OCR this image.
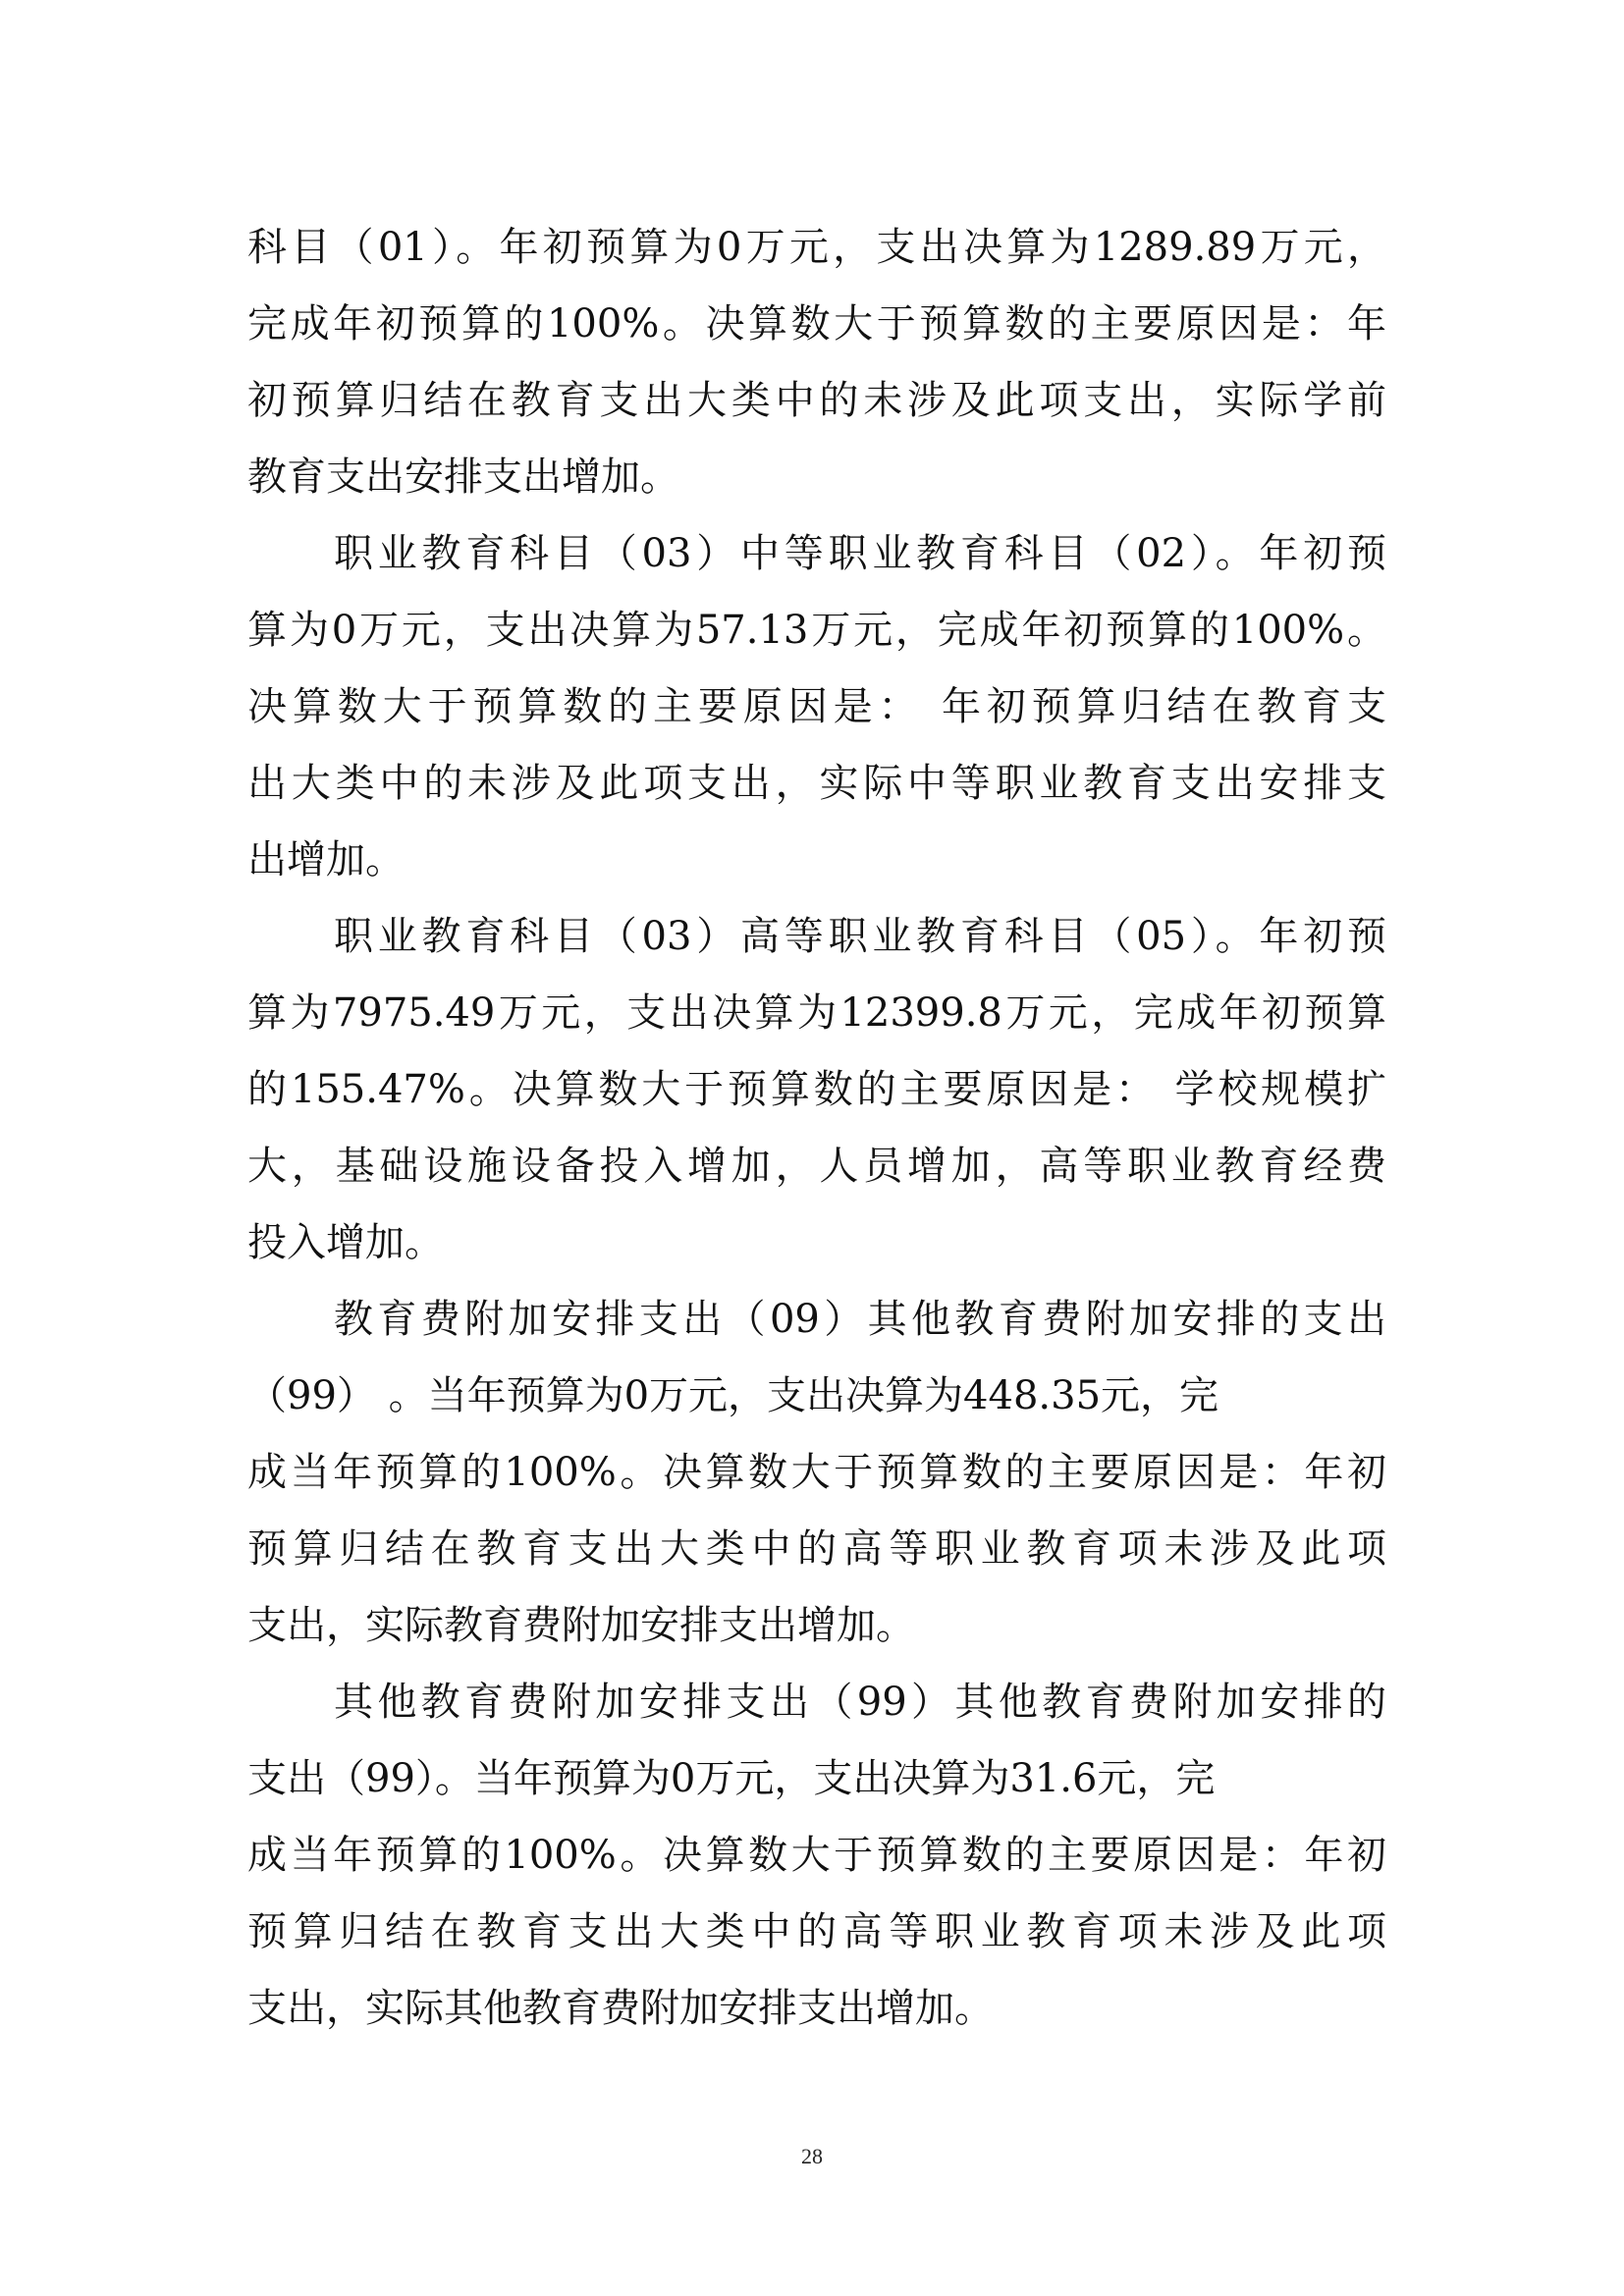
科目（01）。年初预算为0万元，支出决算为1289.89万元，
完成年初预算的100%。决算数大于预算数的主要原因是：年
初预算归结在教育支出大类中的未涉及此项支出，实际学前
教育支出安排支出增加。
职业教育科目（03）中等职业教育科目（02）。年初预
算为0万元，支出决算为57.13万元，完成年初预算的100%。
决算数大于预算数的主要原因是： 年初预算归结在教育支
出大类中的未涉及此项支出，实际中等职业教育支出安排支
出增加。
职业教育科目（03）高等职业教育科目（05）。年初预
算为7975.49万元，支出决算为12399.8万元，完成年初预算
的155.47%。决算数大于预算数的主要原因是： 学校规模扩
大，基础设施设备投入增加，人员增加，高等职业教育经费
投入增加。
教育费附加安排支出（09）其他教育费附加安排的支出
（99） 。当年预算为0万元，支出决算为448.35元，完
成当年预算的100%。决算数大于预算数的主要原因是：年初
预算归结在教育支出大类中的高等职业教育项未涉及此项
支出，实际教育费附加安排支出增加。
其他教育费附加安排支出（99）其他教育费附加安排的
支出（99）。当年预算为0万元，支出决算为31.6元，完
成当年预算的100%。决算数大于预算数的主要原因是：年初
预算归结在教育支出大类中的高等职业教育项未涉及此项
支出，实际其他教育费附加安排支出增加。
28
